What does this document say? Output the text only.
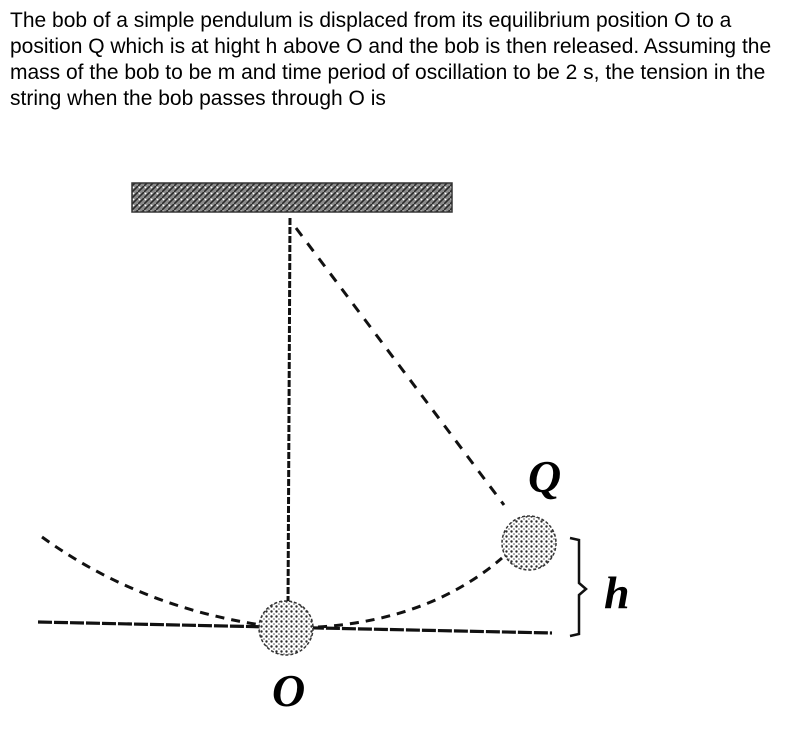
The bob of a simple pendulum is displaced from its equilibrium position O to a position Q which is at hight h above O and the bob is then released. Assuming the mass of the bob to be m and time period of oscillation to be 2 s, the tension in the string when the bob passes through O is

Q
h
O
